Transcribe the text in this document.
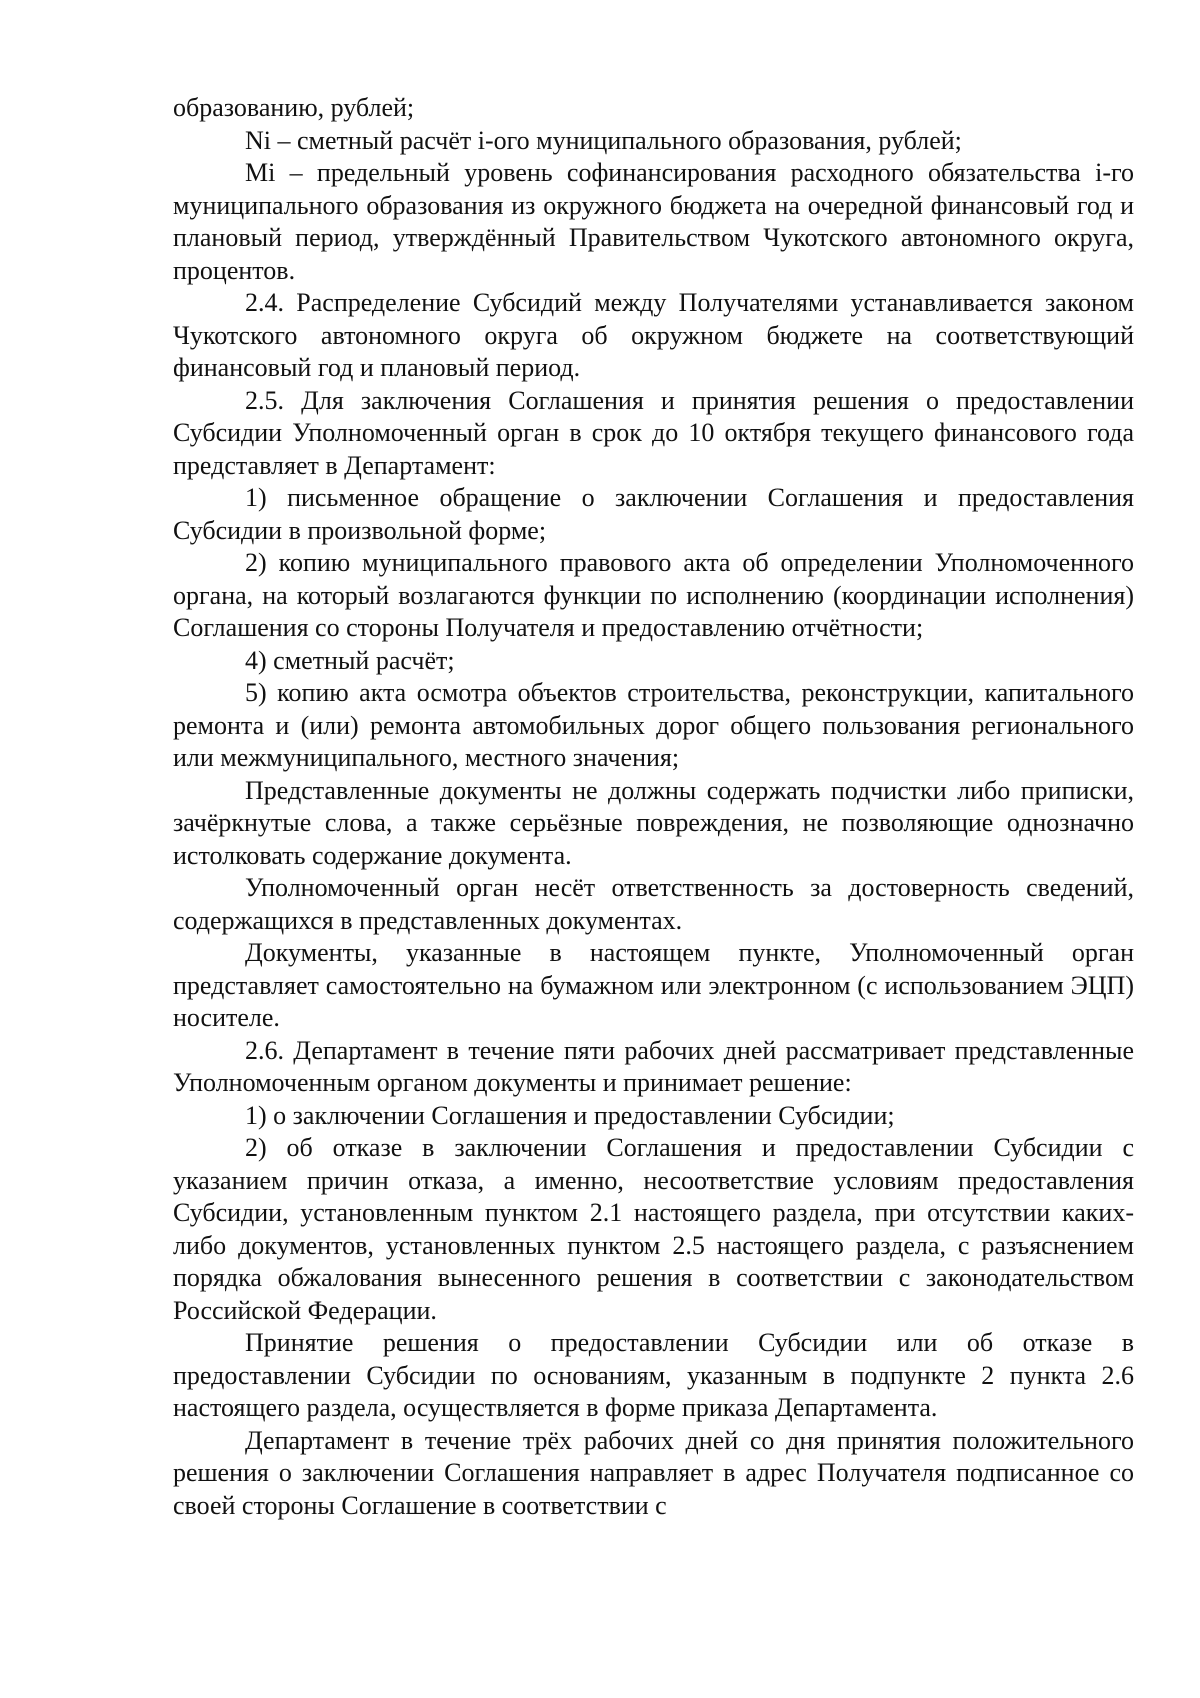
образованию, рублей;

Ni – сметный расчёт i-ого муниципального образования, рублей;

Mi – предельный уровень софинансирования расходного обязательства i-го муниципального образования из окружного бюджета на очередной финансовый год и плановый период, утверждённый Правительством Чукотского автономного округа, процентов.

2.4. Распределение Субсидий между Получателями устанавливается законом Чукотского автономного округа об окружном бюджете на соответствующий финансовый год и плановый период.

2.5. Для заключения Соглашения и принятия решения о предоставлении Субсидии Уполномоченный орган в срок до 10 октября текущего финансового года представляет в Департамент:

1) письменное обращение о заключении Соглашения и предоставления Субсидии в произвольной форме;

2) копию муниципального правового акта об определении Уполномоченного органа, на который возлагаются функции по исполнению (координации исполнения) Соглашения со стороны Получателя и предоставлению отчётности;

4) сметный расчёт;

5) копию акта осмотра объектов строительства, реконструкции, капитального ремонта и (или) ремонта автомобильных дорог общего пользования регионального или межмуниципального, местного значения;

Представленные документы не должны содержать подчистки либо приписки, зачёркнутые слова, а также серьёзные повреждения, не позволяющие однозначно истолковать содержание документа.

Уполномоченный орган несёт ответственность за достоверность сведений, содержащихся в представленных документах.

Документы, указанные в настоящем пункте, Уполномоченный орган представляет самостоятельно на бумажном или электронном (с использованием ЭЦП) носителе.

2.6. Департамент в течение пяти рабочих дней рассматривает представленные Уполномоченным органом документы и принимает решение:

1) о заключении Соглашения и предоставлении Субсидии;

2) об отказе в заключении Соглашения и предоставлении Субсидии с указанием причин отказа, а именно, несоответствие условиям предоставления Субсидии, установленным пунктом 2.1 настоящего раздела, при отсутствии каких-либо документов, установленных пунктом 2.5 настоящего раздела, с разъяснением порядка обжалования вынесенного решения в соответствии с законодательством Российской Федерации.

Принятие решения о предоставлении Субсидии или об отказе в предоставлении Субсидии по основаниям, указанным в подпункте 2 пункта 2.6 настоящего раздела, осуществляется в форме приказа Департамента.

Департамент в течение трёх рабочих дней со дня принятия положительного решения о заключении Соглашения направляет в адрес Получателя подписанное со своей стороны Соглашение в соответствии с
